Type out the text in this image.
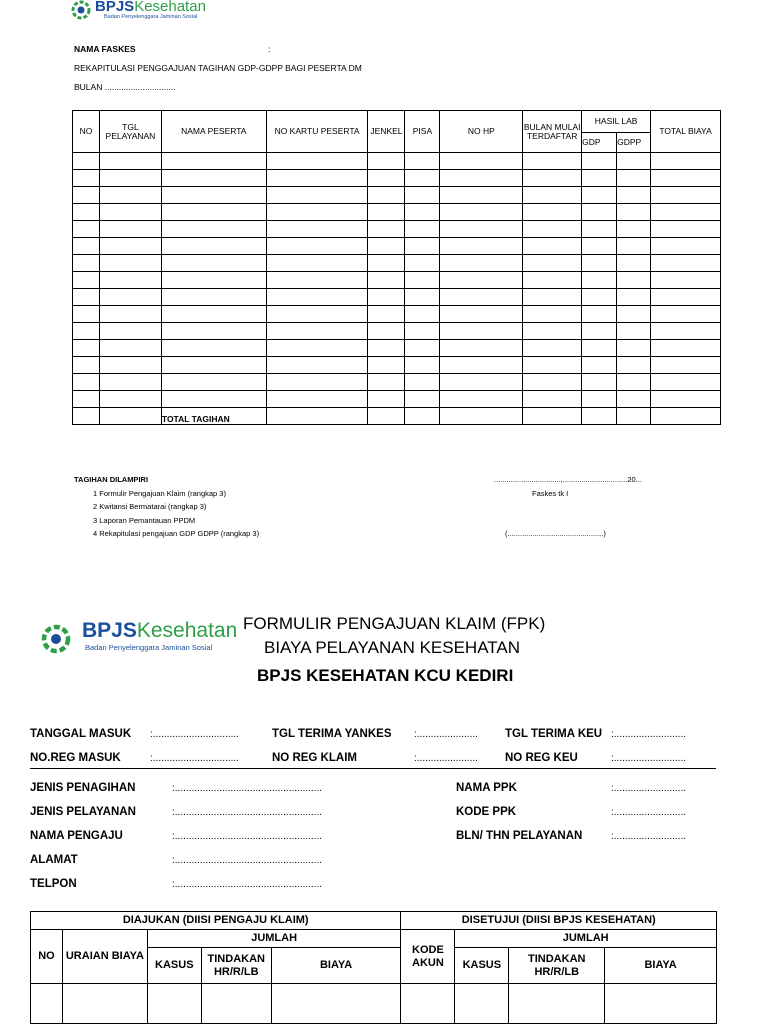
BPJSKesehatan
Badan Penyelenggara Jaminan Sosial
NAMA FASKES	:
REKAPITULASI PENGGAJUAN TAGIHAN GDP-GDPP BAGI PESERTA DM
BULAN ..............................
NO	TGL PELAYANAN	NAMA PESERTA	NO KARTU PESERTA	JENKEL	PISA	NO HP	BULAN MULAI TERDAFTAR	HASIL LAB		TOTAL BIAYA
								GDP	GDPP	

		TOTAL TAGIHAN								
TAGIHAN DILAMPIRI
1 Formulir Pengajuan Klaim (rangkap 3)
2 Kwitansi Bermatarai (rangkap 3)
3 Laporan Pemantauan PPDM
4 Rekapitulasi pengajuan GDP GDPP (rangkap 3)
................................,...............................20...
Faskes tk I
(..............................................)
BPJSKesehatan
Badan Penyelenggara Jaminan Sosial
FORMULIR PENGAJUAN KLAIM (FPK)
BIAYA PELAYANAN KESEHATAN
BPJS KESEHATAN KCU KEDIRI
TANGGAL MASUK :...............................	TGL TERIMA YANKES :...................... TGL TERIMA KEU :..........................
NO.REG MASUK	:...............................	NO REG KLAIM	:...................... NO REG KEU	:..........................
JENIS PENAGIHAN	:.....................................................
JENIS PELAYANAN	:.....................................................
NAMA PENGAJU	:.....................................................
ALAMAT	:.....................................................
TELPON	:.....................................................
NAMA PPK	:..........................
KODE PPK	:..........................
BLN/ THN PELAYANAN	:..........................
DIAJUKAN (DIISI PENGAJU KLAIM)					DISETUJUI (DIISI BPJS KESEHATAN)			
NO	URAIAN BIAYA	JUMLAH			KODE AKUN	JUMLAH		
		KASUS	TINDAKAN HR/R/LB	BIAYA		KASUS	TINDAKAN HR/R/LB	BIAYA
